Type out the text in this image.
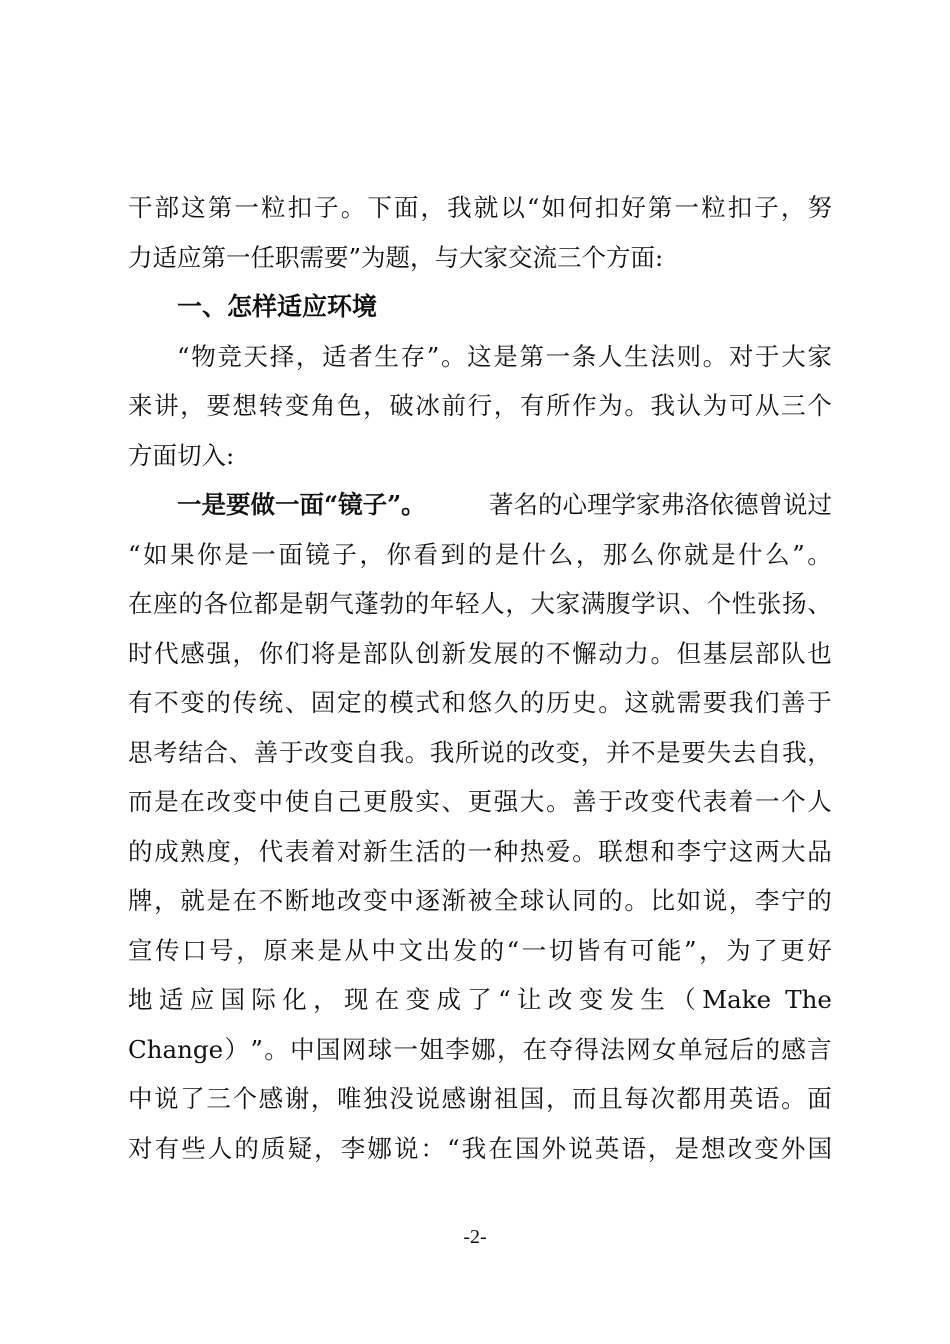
干 部 这 第 一 粒 扣 子 。 下 面 ， 我 就 以 “ 如 何 扣 好 第 一 粒 扣 子 ， 努
力 适 应 第 一 任 职 需 要 ” 为 题 ， 与 大 家 交 流 三 个 方 面 :
一、怎样适应环境
“ 物 竞 天 择 ， 适 者 生 存 ” 。 这 是 第 一 条 人 生 法 则 。 对 于 大 家
来 讲 ， 要 想 转 变 角 色 ， 破 冰 前 行 ， 有 所 作 为 。 我 认 为 可 从 三 个
方 面 切 入 :
一是要做一面“镜子”。	著名的心理学家弗洛依德曾说过
“ 如 果 你 是 一 面 镜 子 ， 你 看 到 的 是 什 么 ， 那 么 你 就 是 什 么 ” 。
在 座 的 各 位 都 是 朝 气 蓬 勃 的 年 轻 人 ， 大 家 满 腹 学 识 、 个 性 张 扬 、
时 代 感 强 ， 你 们 将 是 部 队 创 新 发 展 的 不 懈 动 力 。 但 基 层 部 队 也
有 不 变 的 传 统 、 固 定 的 模 式 和 悠 久 的 历 史 。 这 就 需 要 我 们 善 于
思 考 结 合 、 善 于 改 变 自 我 。 我 所 说 的 改 变 ， 并 不 是 要 失 去 自 我 ，
而 是 在 改 变 中 使 自 己 更 殷 实 、 更 强 大 。 善 于 改 变 代 表 着 一 个 人
的 成 熟 度 ， 代 表 着 对 新 生 活 的 一 种 热 爱 。 联 想 和 李 宁 这 两 大 品
牌 ， 就 是 在 不 断 地 改 变 中 逐 渐 被 全 球 认 同 的 。 比 如 说 ， 李 宁 的
宣 传 口 号 ， 原 来 是 从 中 文 出 发 的 “ 一 切 皆 有 可 能 ” ， 为 了 更 好
地 适 应 国 际 化 ， 现 在 变 成 了 “ 让 改 变 发 生 （ Make The
Change ） ” 。 中 国 网 球 一 姐 李 娜 ， 在 夺 得 法 网 女 单 冠 后 的 感 言
中 说 了 三 个 感 谢 ， 唯 独 没 说 感 谢 祖 国 ， 而 且 每 次 都 用 英 语 。 面
对 有 些 人 的 质 疑 ， 李 娜 说 ： “ 我 在 国 外 说 英 语 ， 是 想 改 变 外 国
-2-
